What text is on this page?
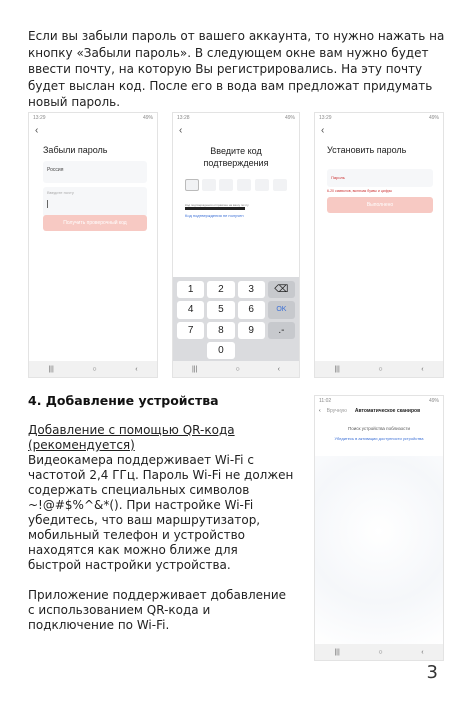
Если вы забыли пароль от вашего аккаунта, то нужно нажать на кнопку «Забыли пароль». В следующем окне вам нужно будет ввести почту, на которую Вы регистрировались. На эту почту будет выслан код. После его в вода вам предложат придумать новый пароль.
13:29	49%
‹
Забыли пароль
Россия
Введите почту
Получить проверочный код
|||	○	‹
13:28	49%
‹
Введите код подтверждения
Код подтверждения отправлен на вашу почту
Код подтверждения не получен
1	2	3	⌫
4	5	6	OK
7	8	9	.-
0
|||	○	‹
13:29	49%
‹
Установить пароль
Пароль
6-20 символов, включая буквы и цифры
Выполнено
|||	○	‹
4. Добавление устройства

Добавление с помощью QR-кода (рекомендуется)

Видеокамера поддерживает Wi-Fi с частотой 2,4 ГГц. Пароль Wi-Fi не должен содержать специальных символов ~!@#$%^&*(). При настройке Wi-Fi убедитесь, что ваш маршрутизатор, мобильный телефон и устройство находятся как можно ближе для быстрой настройки устройства.

Приложение поддерживает добавление с использованием QR-кода и подключение по Wi-Fi.

11:02	49%
‹ Вручную Автоматическое сканиров
Поиск устройства поблизости
Убедитесь в активации доступности устройства
|||	○	‹
3
